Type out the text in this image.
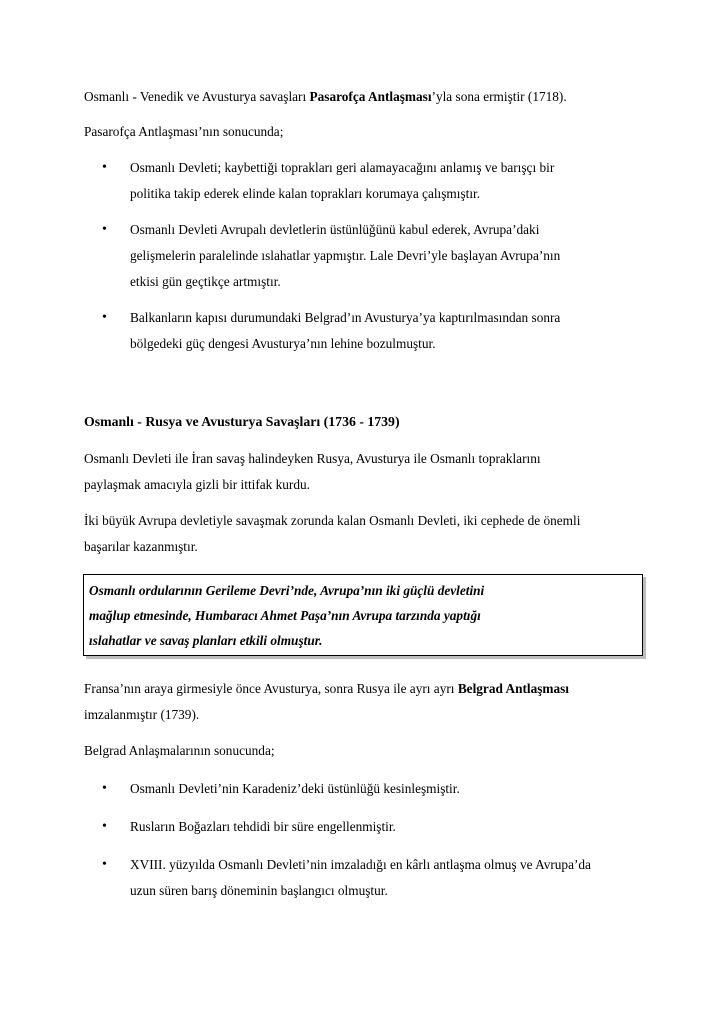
Osmanlı - Venedik ve Avusturya savaşları Pasarofça Antlaşması’yla sona ermiştir (1718).
Pasarofça Antlaşması’nın sonucunda;
• Osmanlı Devleti; kaybettiği toprakları geri alamayacağını anlamış ve barışçı bir
politika takip ederek elinde kalan toprakları korumaya çalışmıştır.
• Osmanlı Devleti Avrupalı devletlerin üstünlüğünü kabul ederek, Avrupa’daki
gelişmelerin paralelinde ıslahatlar yapmıştır. Lale Devri’yle başlayan Avrupa’nın
etkisi gün geçtikçe artmıştır.
• Balkanların kapısı durumundaki Belgrad’ın Avusturya’ya kaptırılmasından sonra
bölgedeki güç dengesi Avusturya’nın lehine bozulmuştur.
Osmanlı - Rusya ve Avusturya Savaşları (1736 - 1739)
Osmanlı Devleti ile İran savaş halindeyken Rusya, Avusturya ile Osmanlı topraklarını
paylaşmak amacıyla gizli bir ittifak kurdu.
İki büyük Avrupa devletiyle savaşmak zorunda kalan Osmanlı Devleti, iki cephede de önemli
başarılar kazanmıştır.
Osmanlı ordularının Gerileme Devri’nde, Avrupa’nın iki güçlü devletini
mağlup etmesinde, Humbaracı Ahmet Paşa’nın Avrupa tarzında yaptığı
ıslahatlar ve savaş planları etkili olmuştur.
Fransa’nın araya girmesiyle önce Avusturya, sonra Rusya ile ayrı ayrı Belgrad Antlaşması
imzalanmıştır (1739).
Belgrad Anlaşmalarının sonucunda;
• Osmanlı Devleti’nin Karadeniz’deki üstünlüğü kesinleşmiştir.
• Rusların Boğazları tehdidi bir süre engellenmiştir.
• XVIII. yüzyılda Osmanlı Devleti’nin imzaladığı en kârlı antlaşma olmuş ve Avrupa’da
uzun süren barış döneminin başlangıcı olmuştur.
